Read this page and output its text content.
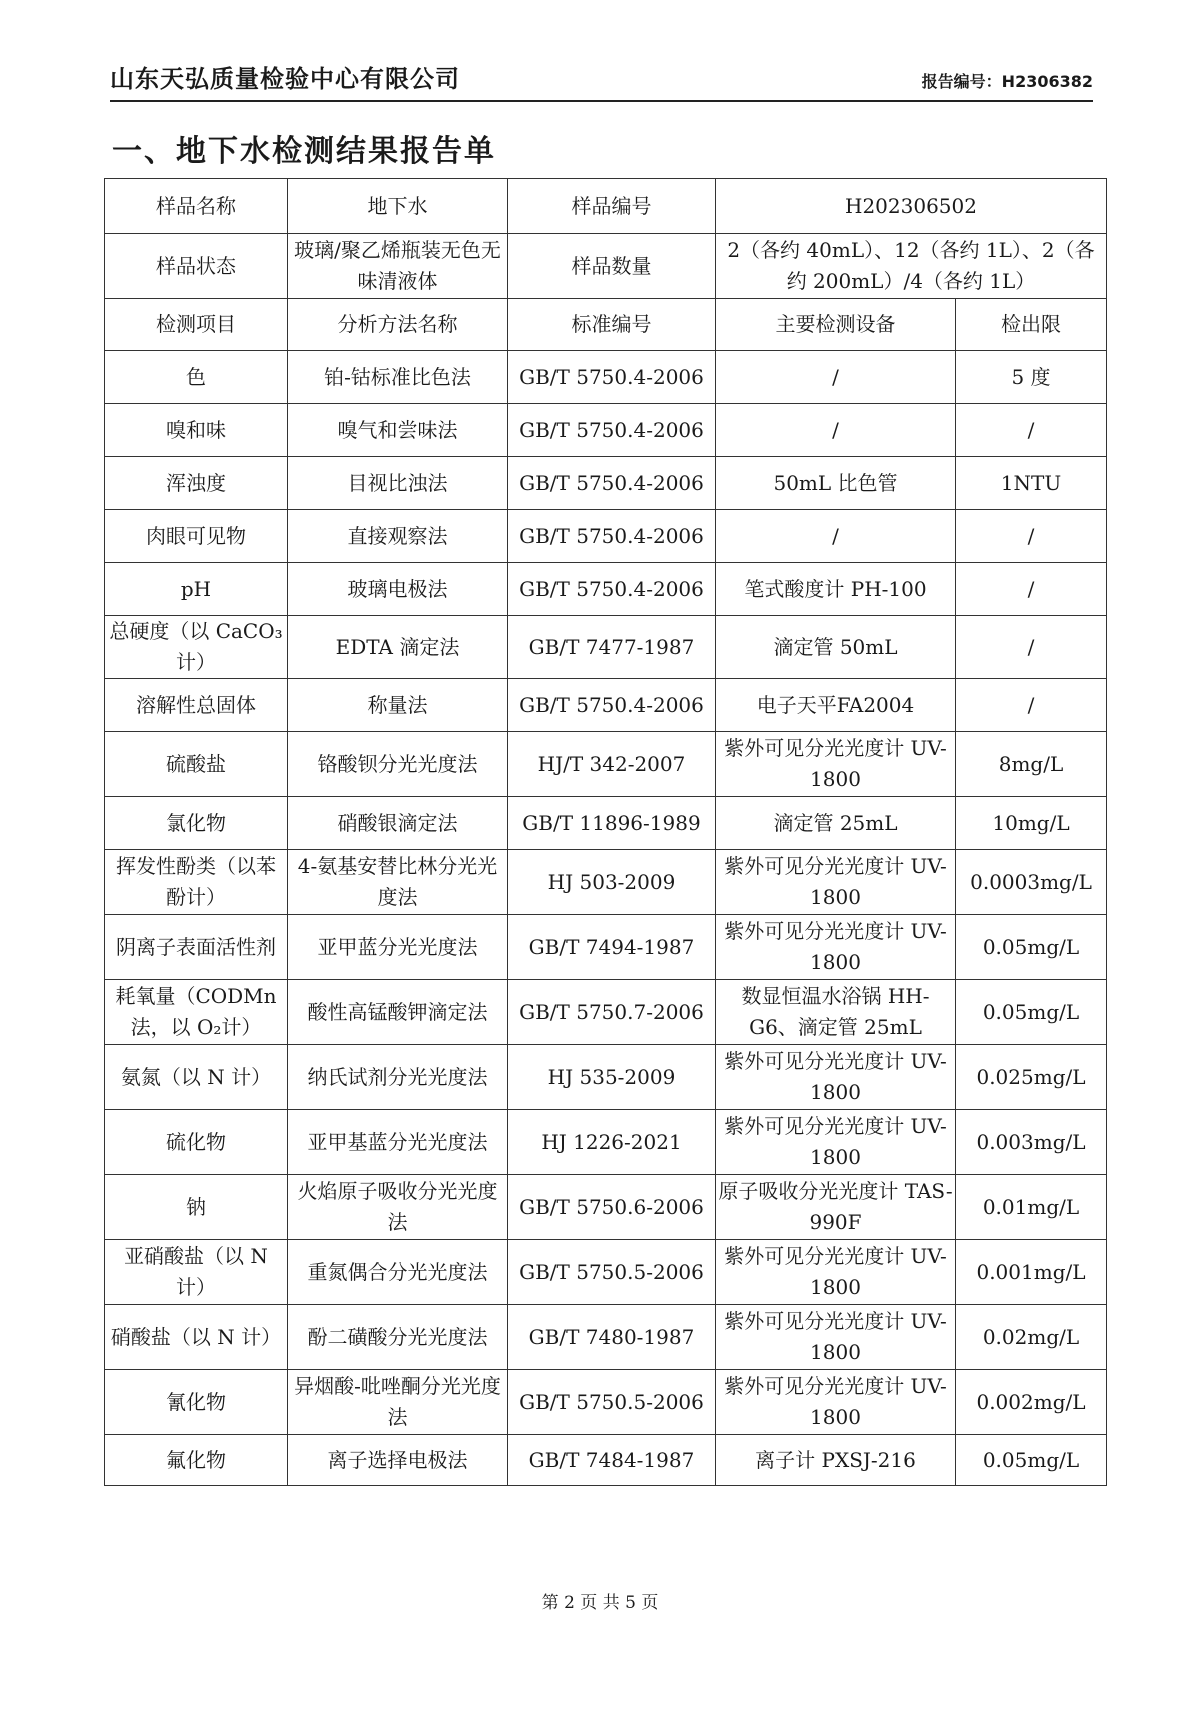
山东天弘质量检验中心有限公司	报告编号：H2306382
一、地下水检测结果报告单
样品名称	地下水	样品编号	H202306502	
样品状态	玻璃/聚乙烯瓶装无色无味清液体	样品数量	2（各约 40mL）、12（各约 1L）、2（各约 200mL）/4（各约 1L）	
检测项目	分析方法名称	标准编号	主要检测设备	检出限
色	铂-钴标准比色法	GB/T 5750.4-2006	/	5 度
嗅和味	嗅气和尝味法	GB/T 5750.4-2006	/	/
浑浊度	目视比浊法	GB/T 5750.4-2006	50mL 比色管	1NTU
肉眼可见物	直接观察法	GB/T 5750.4-2006	/	/
pH	玻璃电极法	GB/T 5750.4-2006	笔式酸度计 PH-100	/
总硬度（以 CaCO₃ 计）	EDTA 滴定法	GB/T 7477-1987	滴定管 50mL	/
溶解性总固体	称量法	GB/T 5750.4-2006	电子天平FA2004	/
硫酸盐	铬酸钡分光光度法	HJ/T 342-2007	紫外可见分光光度计 UV-1800	8mg/L
氯化物	硝酸银滴定法	GB/T 11896-1989	滴定管 25mL	10mg/L
挥发性酚类（以苯酚计）	4-氨基安替比林分光光度法	HJ 503-2009	紫外可见分光光度计 UV-1800	0.0003mg/L
阴离子表面活性剂	亚甲蓝分光光度法	GB/T 7494-1987	紫外可见分光光度计 UV-1800	0.05mg/L
耗氧量（CODMn法，以 O₂计）	酸性高锰酸钾滴定法	GB/T 5750.7-2006	数显恒温水浴锅 HH-G6、滴定管 25mL	0.05mg/L
氨氮（以 N 计）	纳氏试剂分光光度法	HJ 535-2009	紫外可见分光光度计 UV-1800	0.025mg/L
硫化物	亚甲基蓝分光光度法	HJ 1226-2021	紫外可见分光光度计 UV-1800	0.003mg/L
钠	火焰原子吸收分光光度法	GB/T 5750.6-2006	原子吸收分光光度计 TAS-990F	0.01mg/L
亚硝酸盐（以 N 计）	重氮偶合分光光度法	GB/T 5750.5-2006	紫外可见分光光度计 UV-1800	0.001mg/L
硝酸盐（以 N 计）	酚二磺酸分光光度法	GB/T 7480-1987	紫外可见分光光度计 UV-1800	0.02mg/L
氰化物	异烟酸-吡唑酮分光光度法	GB/T 5750.5-2006	紫外可见分光光度计 UV-1800	0.002mg/L
氟化物	离子选择电极法	GB/T 7484-1987	离子计 PXSJ-216	0.05mg/L
第 2 页 共 5 页
